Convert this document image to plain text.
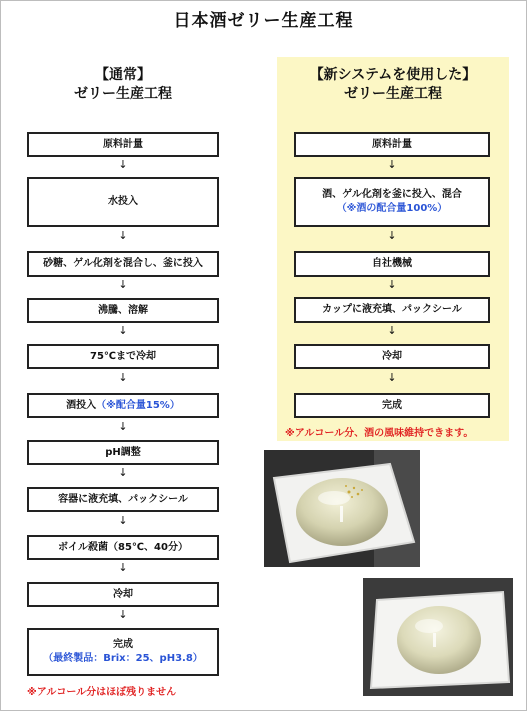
日本酒ゼリー生産工程
【通常】
ゼリー生産工程
【新システムを使用した】
ゼリー生産工程
原料計量
↓
水投入
↓
砂糖、ゲル化剤を混合し、釜に投入
↓
沸騰、溶解
↓
75℃まで冷却
↓
酒投入（※配合量15%）
↓
pH調整
↓
容器に液充填、パックシール
↓
ボイル殺菌（85℃、40分）
↓
冷却
↓
完成
（最終製品：Brix：25、pH3.8）
※アルコール分はほぼ残りません
原料計量
↓
酒、ゲル化剤を釜に投入、混合
（※酒の配合量100%）
↓
自社機械
↓
カップに液充填、パックシール
↓
冷却
↓
完成
※アルコール分、酒の風味維持できます。
